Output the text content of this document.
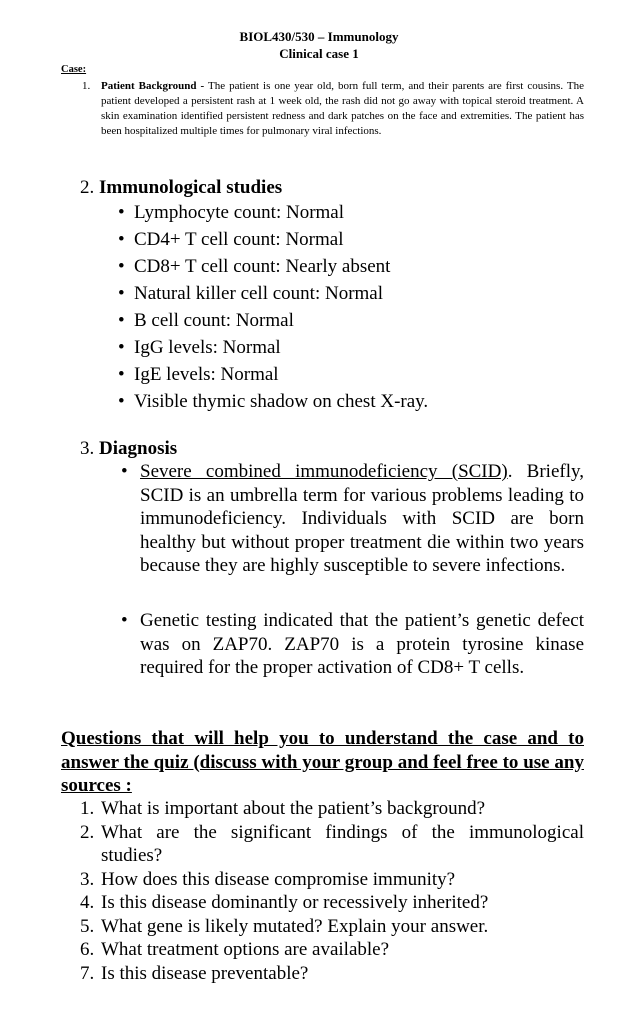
BIOL430/530 – Immunology
Clinical case 1
Case:
1. Patient Background - The patient is one year old, born full term, and their parents are first cousins. The patient developed a persistent rash at 1 week old, the rash did not go away with topical steroid treatment. A skin examination identified persistent redness and dark patches on the face and extremities. The patient has been hospitalized multiple times for pulmonary viral infections.
2. Immunological studies
• Lymphocyte count: Normal
• CD4+ T cell count: Normal
• CD8+ T cell count: Nearly absent
• Natural killer cell count: Normal
• B cell count: Normal
• IgG levels: Normal
• IgE levels: Normal
• Visible thymic shadow on chest X-ray.
3. Diagnosis
• Severe combined immunodeficiency (SCID). Briefly, SCID is an umbrella term for various problems leading to immunodeficiency. Individuals with SCID are born healthy but without proper treatment die within two years because they are highly susceptible to severe infections.
• Genetic testing indicated that the patient’s genetic defect was on ZAP70. ZAP70 is a protein tyrosine kinase required for the proper activation of CD8+ T cells.
Questions that will help you to understand the case and to answer the quiz (discuss with your group and feel free to use any sources :
1. What is important about the patient’s background?
2. What are the significant findings of the immunological studies?
3. How does this disease compromise immunity?
4. Is this disease dominantly or recessively inherited?
5. What gene is likely mutated? Explain your answer.
6. What treatment options are available?
7. Is this disease preventable?
